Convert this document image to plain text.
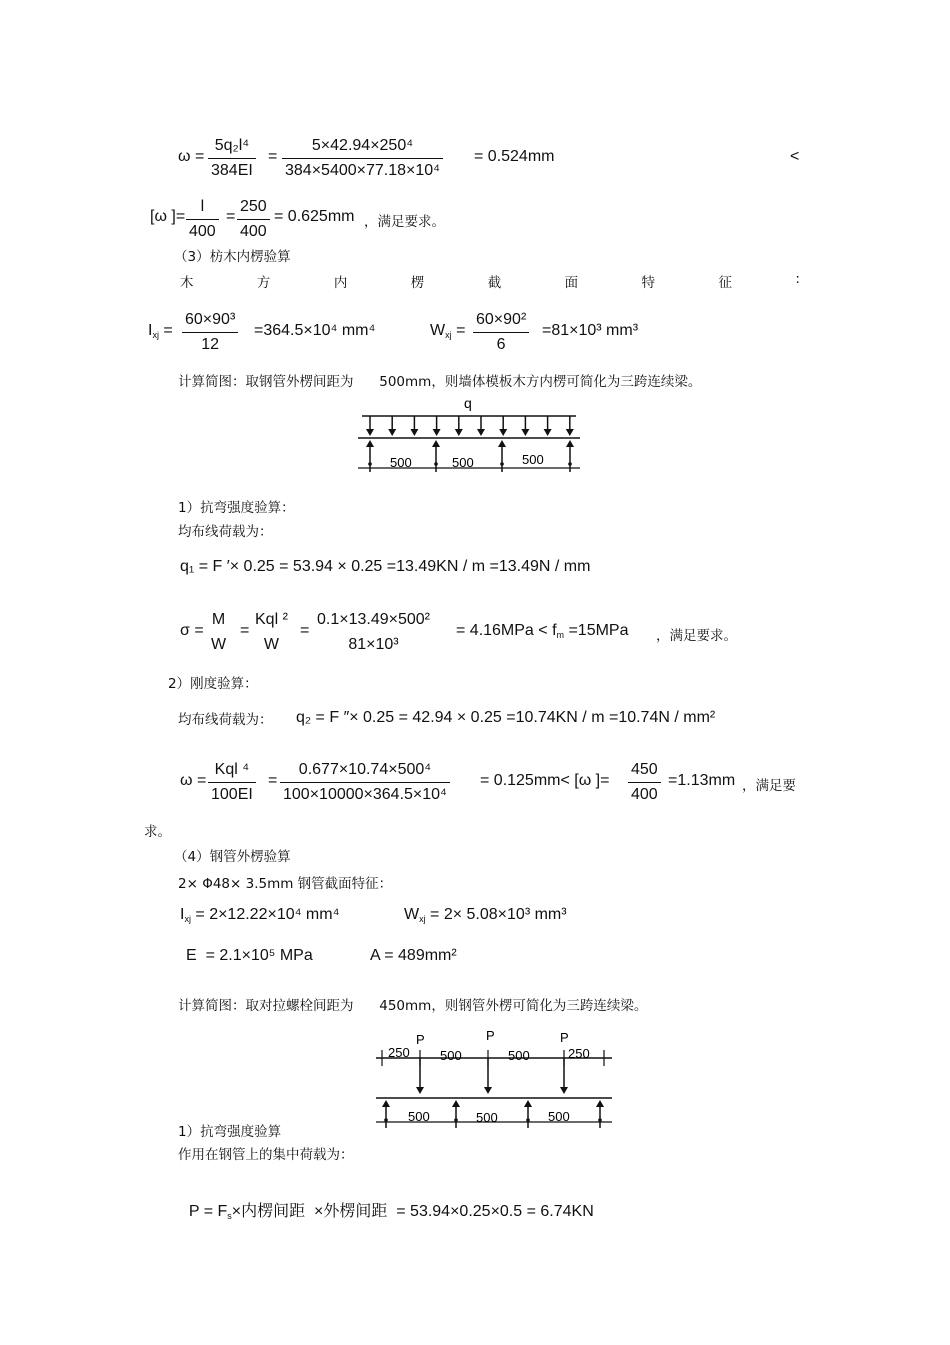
ω =
5q₂l⁴
384EI
=
5×42.94×250⁴
384×5400×77.18×10⁴
= 0.524mm	<
[ω ]=
l
400
=
250
400
= 0.625mm ，满足要求。
（3）枋木内楞验算
木	方	内	楞	截	面	特	征	:
$I_{xj}$ =
60×90³
12
=364.5×10⁴ mm⁴	$W_{xj}$ =
60×90²
6
=81×10³ mm³
计算简图：取钢管外楞间距为      500mm，则墙体模板木方内楞可简化为三跨连续梁。
q
500	500	500
1）抗弯强度验算：
均布线荷载为：
q₁ = F ′× 0.25 = 53.94 × 0.25 =13.49KN / m =13.49N / mm
σ =
M
W
=
Kql ²
W
=
0.1×13.49×500²
81×10³
= $4.16MPa < f_m =15MPa$ ，满足要求。
2）刚度验算：
均布线荷载为： q₂ = F ″× 0.25 = 42.94 × 0.25 =10.74KN / m =10.74N / mm²
ω =
Kql ⁴
100EI
=
0.677×10.74×500⁴
100×10000×364.5×10⁴
= 0.125mm< [ω ]=
450
400
=1.13mm ，满足要
求。
（4）钢管外楞验算
2× Φ48× 3.5mm 钢管截面特征：
$I_{xj} = 2\times 12.22\times 10^4$ mm⁴	$W_{xj} = 2\times 5.08\times 10^3$ mm³
E  = 2.1×10⁵ MPa	A = 489mm²
计算简图：取对拉螺栓间距为      450mm，则钢管外楞可简化为三跨连续梁。
P	P	P
250 500	500	250
500	500	500
1）抗弯强度验算
作用在钢管上的集中荷载为：

$P = F_s\times$内楞间距  ×外楞间距  = 53.94×0.25×0.5 = 6.74KN
